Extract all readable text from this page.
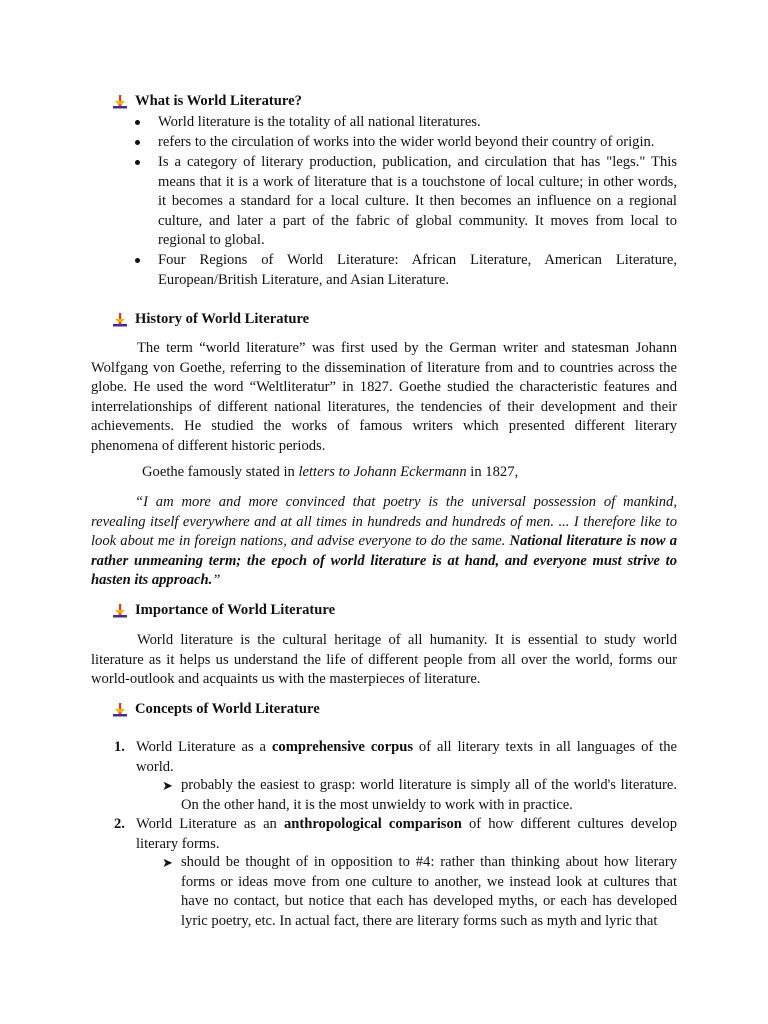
What is World Literature?
World literature is the totality of all national literatures.
refers to the circulation of works into the wider world beyond their country of origin.
Is a category of literary production, publication, and circulation that has "legs." This means that it is a work of literature that is a touchstone of local culture; in other words, it becomes a standard for a local culture. It then becomes an influence on a regional culture, and later a part of the fabric of global community. It moves from local to regional to global.
Four Regions of World Literature: African Literature, American Literature, European/British Literature, and Asian Literature.
History of World Literature
The term “world literature” was first used by the German writer and statesman Johann Wolfgang von Goethe, referring to the dissemination of literature from and to countries across the globe. He used the word “Weltliteratur” in 1827. Goethe studied the characteristic features and interrelationships of different national literatures, the tendencies of their development and their achievements. He studied the works of famous writers which presented different literary phenomena of different historic periods.
Goethe famously stated in letters to Johann Eckermann in 1827,
“I am more and more convinced that poetry is the universal possession of mankind, revealing itself everywhere and at all times in hundreds and hundreds of men. ... I therefore like to look about me in foreign nations, and advise everyone to do the same. National literature is now a rather unmeaning term; the epoch of world literature is at hand, and everyone must strive to hasten its approach.”
Importance of World Literature
World literature is the cultural heritage of all humanity. It is essential to study world literature as it helps us understand the life of different people from all over the world, forms our world-outlook and acquaints us with the masterpieces of literature.
Concepts of World Literature
1. World Literature as a comprehensive corpus of all literary texts in all languages of the world.
➤ probably the easiest to grasp: world literature is simply all of the world's literature. On the other hand, it is the most unwieldy to work with in practice.
2. World Literature as an anthropological comparison of how different cultures develop literary forms.
➤ should be thought of in opposition to #4: rather than thinking about how literary forms or ideas move from one culture to another, we instead look at cultures that have no contact, but notice that each has developed myths, or each has developed lyric poetry, etc. In actual fact, there are literary forms such as myth and lyric that
